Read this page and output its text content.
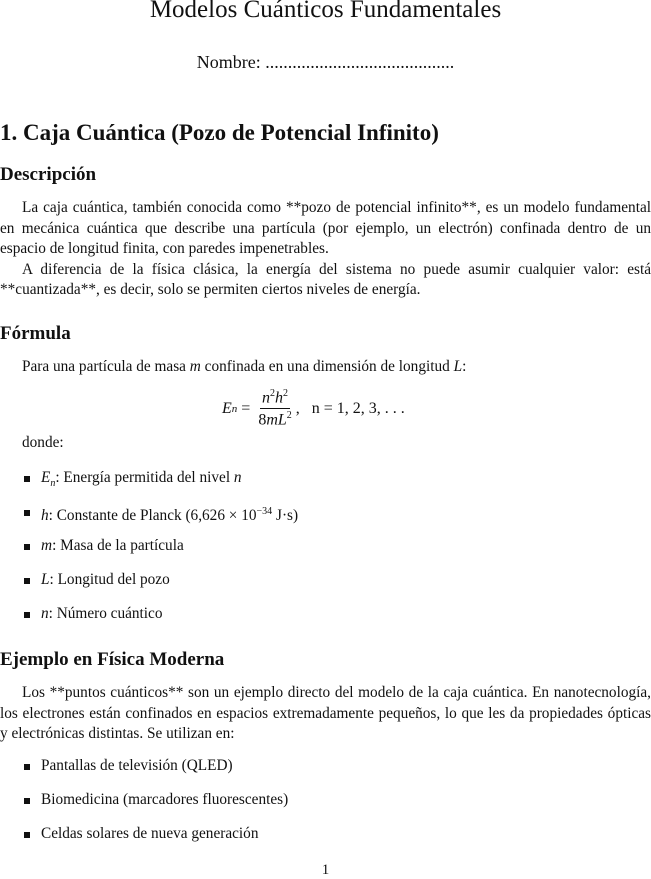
Modelos Cuánticos Fundamentales
Nombre: ..........................................
1. Caja Cuántica (Pozo de Potencial Infinito)
Descripción

La caja cuántica, también conocida como **pozo de potencial infinito**, es un modelo fundamental en mecánica cuántica que describe una partícula (por ejemplo, un electrón) confinada dentro de un espacio de longitud finita, con paredes impenetrables.

A diferencia de la física clásica, la energía del sistema no puede asumir cualquier valor: está **cuantizada**, es decir, solo se permiten ciertos niveles de energía.

Fórmula
Para una partícula de masa m confinada en una dimensión de longitud L:
E $n = \frac{n^2h^2}{8mL^2}$ ,   n = 1, 2, 3, . . .
donde:
$E_n$: Energía permitida del nivel n
h: Constante de Planck ($6,626 \times 10^{-34}$ J·s)
m: Masa de la partícula
L: Longitud del pozo
n: Número cuántico
Ejemplo en Física Moderna

Los **puntos cuánticos** son un ejemplo directo del modelo de la caja cuántica. En nanotecnología, los electrones están confinados en espacios extremadamente pequeños, lo que les da propiedades ópticas y electrónicas distintas. Se utilizan en:

Pantallas de televisión (QLED)
Biomedicina (marcadores fluorescentes)
Celdas solares de nueva generación
1
